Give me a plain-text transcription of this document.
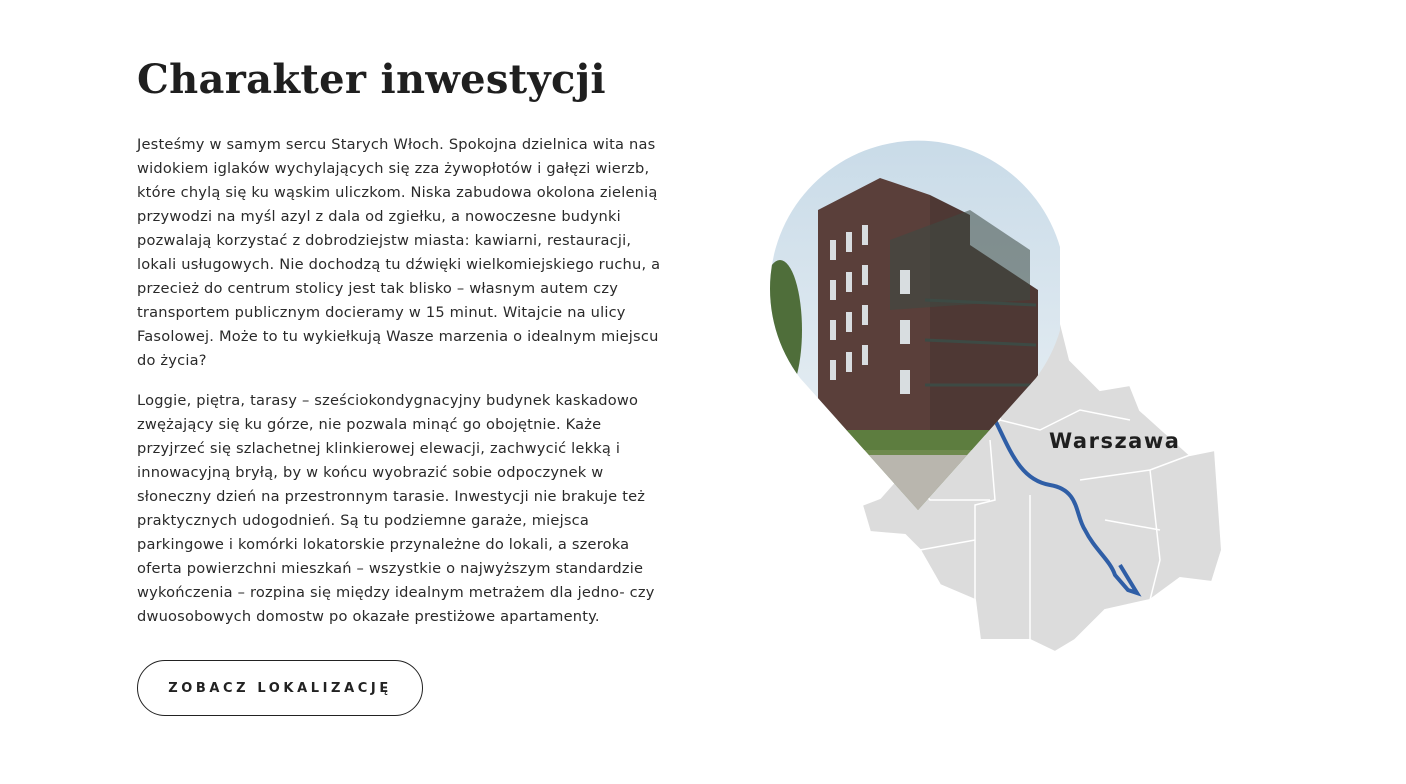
Charakter inwestycji
Jesteśmy w samym sercu Starych Włoch. Spokojna dzielnica wita nas
widokiem iglaków wychylających się zza żywopłotów i gałęzi wierzb,
które chylą się ku wąskim uliczkom. Niska zabudowa okolona zielenią
przywodzi na myśl azyl z dala od zgiełku, a nowoczesne budynki
pozwalają korzystać z dobrodziejstw miasta: kawiarni, restauracji,
lokali usługowych. Nie dochodzą tu dźwięki wielkomiejskiego ruchu, a
przecież do centrum stolicy jest tak blisko – własnym autem czy
transportem publicznym docieramy w 15 minut. Witajcie na ulicy
Fasolowej. Może to tu wykiełkują Wasze marzenia o idealnym miejscu
do życia?
Loggie, piętra, tarasy – sześciokondygnacyjny budynek kaskadowo
zwężający się ku górze, nie pozwala minąć go obojętnie. Każe
przyjrzeć się szlachetnej klinkierowej elewacji, zachwycić lekką i
innowacyjną bryłą, by w końcu wyobrazić sobie odpoczynek w
słoneczny dzień na przestronnym tarasie. Inwestycji nie brakuje też
praktycznych udogodnień. Są tu podziemne garaże, miejsca
parkingowe i komórki lokatorskie przynależne do lokali, a szeroka
oferta powierzchni mieszkań – wszystkie o najwyższym standardzie
wykończenia – rozpina się między idealnym metrażem dla jedno- czy
dwuosobowych domostw po okazałe prestiżowe apartamenty.
ZOBACZ LOKALIZACJĘ
Warszawa
